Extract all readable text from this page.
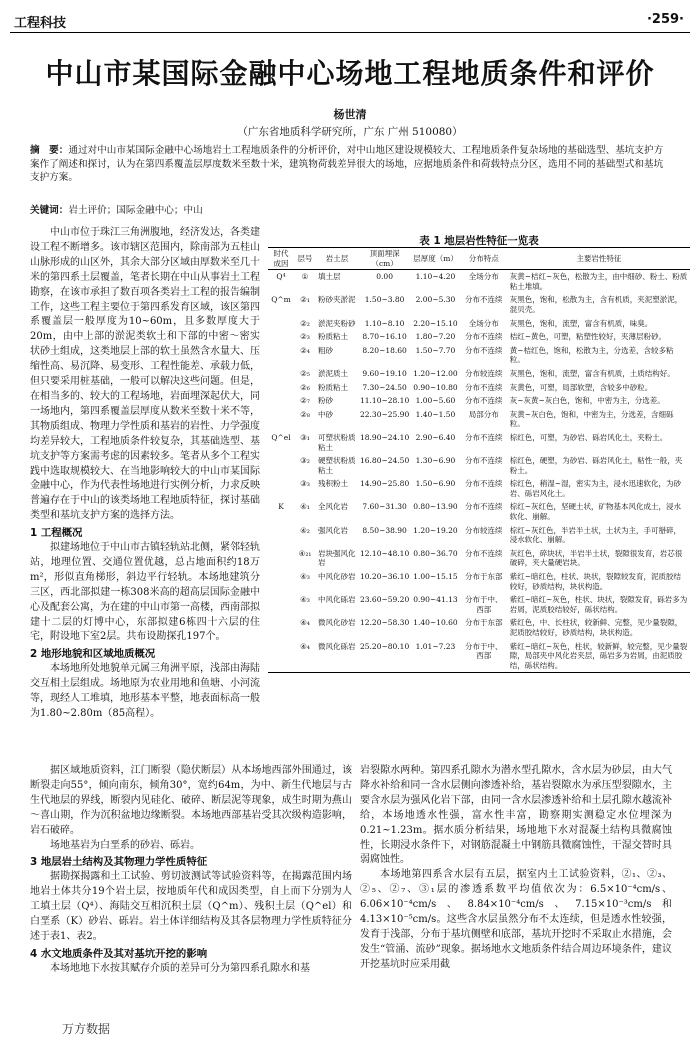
工程科技	·259·
中山市某国际金融中心场地工程地质条件和评价
杨世清
（广东省地质科学研究所，广东 广州 510080）
摘　要：通过对中山市某国际金融中心场地岩土工程地质条件的分析评价，对中山地区建设规模较大、工程地质条件复杂场地的基础选型、基坑支护方案作了阐述和探讨，认为在第四系覆盖层厚度数米至数十米，建筑物荷载差异很大的场地，应据地质条件和荷载特点分区，选用不同的基础型式和基坑支护方案。
关键词：岩土评价；国际金融中心；中山

中山市位于珠江三角洲腹地，经济发达，各类建设工程不断增多。该市辖区范围内，除南部为五桂山山脉形成的山区外，其余大部分区域由厚数米至几十米的第四系土层覆盖，笔者长期在中山从事岩土工程勘察，在该市承担了数百项各类岩土工程的报告编制工作，这些工程主要位于第四系发育区域，该区第四系覆盖层一般厚度为10~60m，且多数厚度大于20m，由中上部的淤泥类软土和下部的中密～密实状砂土组成，这类地层上部的软土虽然含水量大、压缩性高、易沉降、易变形、工程性能差、承载力低，但只要采用桩基础，一般可以解决这些问题。但是，在相当多的、较大的工程场地，岩面埋深起伏大，同一场地内，第四系覆盖层厚度从数米至数十米不等，其物质组成、物理力学性质和基岩的岩性、力学强度均差异较大，工程地质条件较复杂，其基础选型、基坑支护等方案需考虑的因素较多。笔者从多个工程实践中选取规模较大、在当地影响较大的中山市某国际金融中心，作为代表性场地进行实例分析，力求反映普遍存在于中山的该类场地工程地质特征，探讨基础类型和基坑支护方案的选择方法。

1 工程概况

拟建场地位于中山市古镇轻轨站北侧，紧邻轻轨站，地理位置、交通位置优越，总占地面积约18万m²，形似直角梯形，斜边平行轻轨。本场地建筑分三区，西北部拟建一栋308米高的超高层国际金融中心及配套公寓，为在建的中山市第一高楼，西南部拟建十二层的灯博中心，东部拟建6栋四十六层的住宅，附设地下室2层。共布设勘探孔197个。

2 地形地貌和区域地质概况

本场地所处地貌单元属三角洲平原，浅部由海陆交互相土层组成。场地原为农业用地和鱼塘、小河流等，现经人工堆填，地形基本平整，地表面标高一般为1.80~2.80m（85高程）。

据区域地质资料，江门断裂（隐伏断层）从本场地西部外围通过，该断裂走向55°，倾向南东，倾角30°，宽约64m，为中、新生代地层与古生代地层的界线，断裂内见硅化、破碎、断层泥等现象，成生时期为燕山～喜山期，作为沉积盆地边缘断裂。本场地西部基岩受其次级构造影响，岩石破碎。

场地基岩为白垩系的砂岩、砾岩。

3 地层岩土结构及其物理力学性质特征

据勘探揭露和土工试验、剪切波测试等试验资料等，在揭露范围内场地岩土体共分19个岩土层，按地质年代和成因类型，自上而下分别为人工填土层（Q⁴）、海陆交互相沉积土层（Q^m）、残积土层（Q^el）和白垩系（K）砂岩、砾岩。岩土体详细结构及其各层物理力学性质特征分述于表1、表2。

4 水文地质条件及其对基坑开挖的影响

本场地地下水按其赋存介质的差异可分为第四系孔隙水和基

岩裂隙水两种。第四系孔隙水为潜水型孔隙水，含水层为砂层，由大气降水补给和同一含水层侧向渗透补给，基岩裂隙水为承压型裂隙水，主要含水层为强风化岩下部，由同一含水层渗透补给和土层孔隙水越流补给，本场地透水性强，富水性丰富，勘察期实测稳定水位埋深为0.21~1.23m。据水质分析结果，场地地下水对混凝土结构具微腐蚀性，长期浸水条件下，对钢筋混凝土中钢筋具微腐蚀性，干湿交替时具弱腐蚀性。

本场地第四系含水层有五层，据室内土工试验资料，②₁、②₃、②₅、②₇、③₁层的渗透系数平均值依次为：6.5×10⁻⁴cm/s、6.06×10⁻⁴cm/s、8.84×10⁻⁴cm/s、7.15×10⁻³cm/s和4.13×10⁻⁵cm/s。这些含水层虽然分布不太连续，但是透水性较强，发育于浅部，分布于基坑侧壁和底部，基坑开挖时不采取止水措施，会发生“管涌、流砂”现象。据场地水文地质条件结合周边环境条件，建议开挖基坑时应采用截

表 1 地层岩性特征一览表
时代成因	层号	岩土层	顶面埋深（cm）	层厚度（m）	分布特点	主要岩性特征
Q⁴	①	填土层	0.00	1.10~4.20	全场分布	灰黄~桔红~灰色，松散为主，由中细砂、粉土、粉质粘土堆填。
Q^m	②₁	粉砂夹淤泥	1.50~3.80	2.00~5.30	分布不连续	灰黑色，饱和，松散为主，含有机质，夹泥塑淤泥，混贝壳。
	②₂	淤泥夹粉砂	1.10~8.10	2.20~15.10	全场分布	灰黑色，饱和，流塑，富含有机质，味臭。
	②₃	粉质粘土	8.70~16.10	1.80~7.20	分布不连续	桔红~黄色，可塑，粘塑性较好，夹薄层粉砂。
	②₄	粗砂	8.20~18.60	1.50~7.70	分布不连续	黄~桔红色，饱和，松散为主，分选差，含较多粘粒。
	②₅	淤泥质土	9.60~19.10	1.20~12.00	分布较连续	灰黑色，饱和，流塑，富含有机质，土质结构好。
	②₆	粉质粘土	7.30~24.50	0.90~10.80	分布不连续	灰黄色，可塑，局部软塑，含较多中砂粒。
	②₇	粉砂	11.10~28.10	1.00~5.60	分布不连续	灰~灰黄~灰白色，饱和，中密为主，分选差。
	②₈	中砂	22.30~25.90	1.40~1.50	局部分布	灰黄~灰白色，饱和，中密为主，分选差，含细砾粒。
Q^el	③₁	可塑状粉质粘土	18.90~24.10	2.90~6.40	分布不连续	棕红色，可塑，为砂岩、砾岩风化土，夹粉土。
	③₂	硬塑状粉质粘土	16.80~24.50	1.30~6.90	分布不连续	棕红色，硬塑，为砂岩、砾岩风化土，粘性一般，夹粉土。
	③₃	残积粉土	14.90~25.80	1.50~6.90	分布不连续	棕红色，稍湿~湿，密实为主，浸水迅速软化，为砂岩、砾岩风化土。
K	④₁	全风化岩	7.60~31.30	0.80~13.90	分布不连续	棕红~灰红色，坚硬土状，矿物基本风化成土，浸水软化、崩解。
	④₂	强风化岩	8.50~38.90	1.20~19.20	分布较连续	棕红~灰红色，半岩半土状，土状为主，手可掰碎，浸水软化、崩解。
	④₂₁	岩块强风化岩	12.10~48.10	0.80~36.70	分布不连续	灰红色，碎块状，半岩半土状，裂隙很发育，岩芯很破碎，夹大量硬岩块。
	④₃	中风化砂岩	10.20~36.10	1.00~15.15	分布于东部	紫红~暗红色，柱状、块状，裂隙较发育，泥质胶结较好，砂质结构，块状构造。
	④₃	中风化砾岩	23.60~59.20	0.90~41.13	分布于中、西部	紫红~暗红~灰色，柱状、块状，裂隙发育，砾岩多为岩屑，泥质胶结较好，砾状结构。
	④₄	微风化砂岩	12.20~58.30	1.40~10.60	分布于东部	紫红色，中、长柱状，较新鲜、完整，见少量裂隙，泥质胶结较好，砂质结构，块状构造。
	④₄	微风化砾岩	25.20~80.10	1.01~7.23	分布于中、西部	紫红~暗红~灰色，柱状，较新鲜，较完整，见少量裂隙，局部夹中风化岩夹层，砾岩多为岩屑，由泥质胶结，砾状结构。
万方数据
